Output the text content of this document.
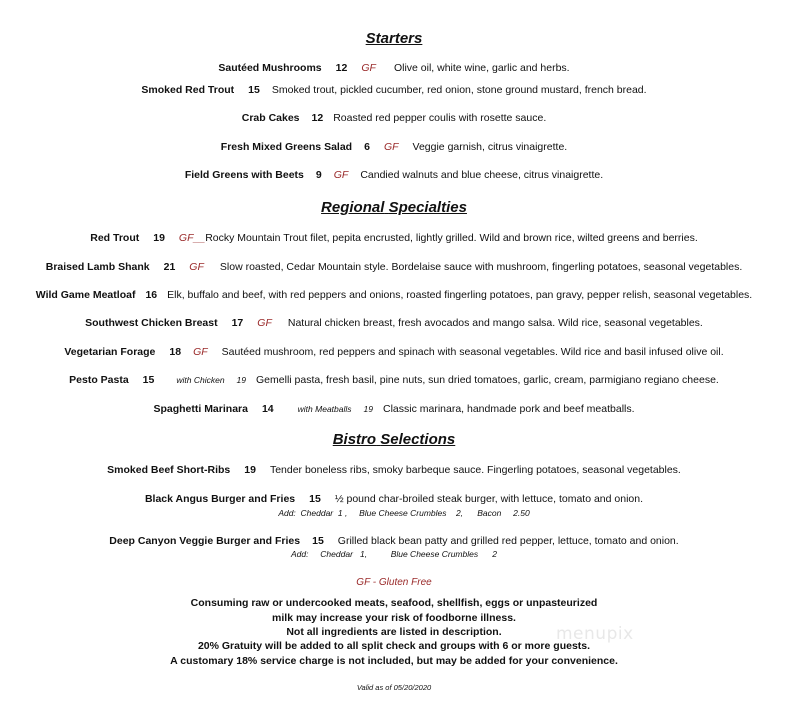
Starters
Sautéed Mushrooms 12 GF Olive oil, white wine, garlic and herbs.
Smoked Red Trout 15 Smoked trout, pickled cucumber, red onion, stone ground mustard, french bread.
Crab Cakes 12 Roasted red pepper coulis with rosette sauce.
Fresh Mixed Greens Salad 6 GF Veggie garnish, citrus vinaigrette.
Field Greens with Beets 9 GF Candied walnuts and blue cheese, citrus vinaigrette.
Regional Specialties
Red Trout 19 GF__Rocky Mountain Trout filet, pepita encrusted, lightly grilled. Wild and brown rice, wilted greens and berries.
Braised Lamb Shank 21 GF Slow roasted, Cedar Mountain style. Bordelaise sauce with mushroom, fingerling potatoes, seasonal vegetables.
Wild Game Meatloaf 16 Elk, buffalo and beef, with red peppers and onions, roasted fingerling potatoes, pan gravy, pepper relish, seasonal vegetables.
Southwest Chicken Breast 17 GF Natural chicken breast, fresh avocados and mango salsa. Wild rice, seasonal vegetables.
Vegetarian Forage 18 GF Sautéed mushroom, red peppers and spinach with seasonal vegetables. Wild rice and basil infused olive oil.
Pesto Pasta 15	with Chicken 19 Gemelli pasta, fresh basil, pine nuts, sun dried tomatoes, garlic, cream, parmigiano regiano cheese.
Spaghetti Marinara 14	with Meatballs 19 Classic marinara, handmade pork and beef meatballs.
Bistro Selections
Smoked Beef Short-Ribs 19 Tender boneless ribs, smoky barbeque sauce. Fingerling potatoes, seasonal vegetables.
Black Angus Burger and Fries 15 ½ pound char-broiled steak burger, with lettuce, tomato and onion.
Add:  Cheddar  1 ,     Blue Cheese Crumbles    2,      Bacon     2.50
Deep Canyon Veggie Burger and Fries 15 Grilled black bean patty and grilled red pepper, lettuce, tomato and onion.
Add:     Cheddar   1,          Blue Cheese Crumbles      2
GF - Gluten Free
Consuming raw or undercooked meats, seafood, shellfish, eggs or unpasteurized
milk may increase your risk of foodborne illness.
Not all ingredients are listed in description.
20% Gratuity will be added to all split check and groups with 6 or more guests.
A customary 18% service charge is not included, but may be added for your convenience.
Valid as of 05/20/2020
menupix
